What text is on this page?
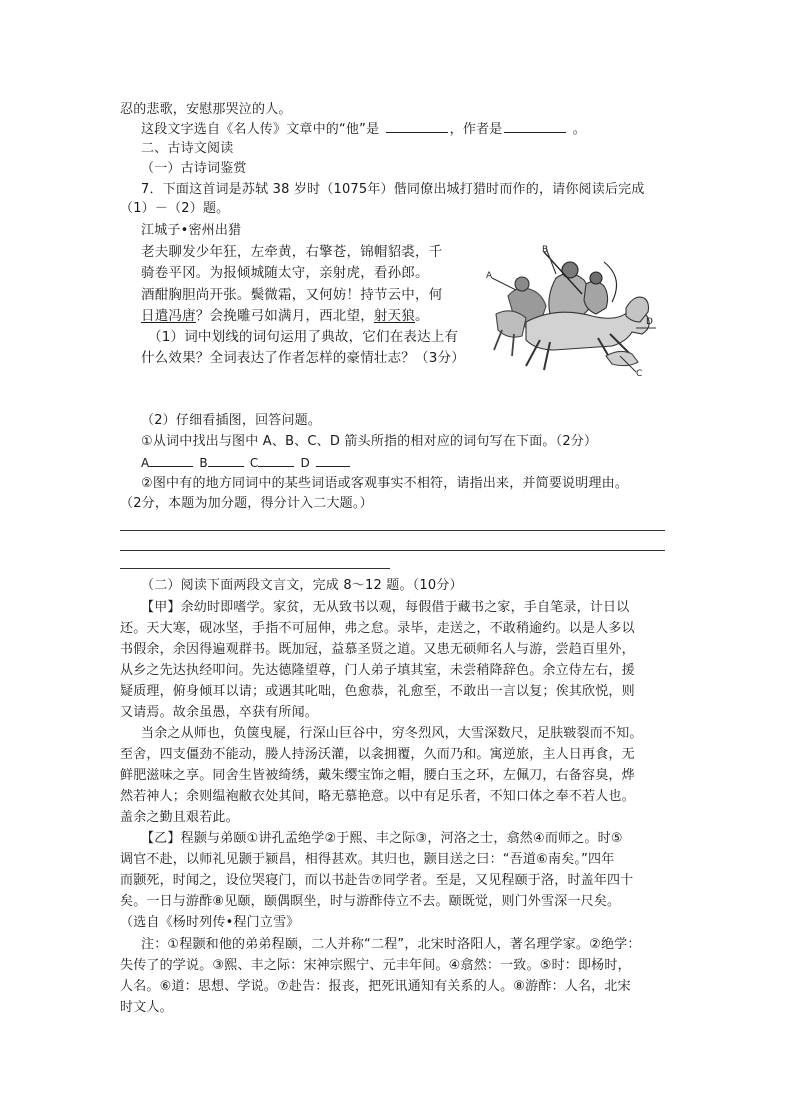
忍的悲歌，安慰那哭泣的人。
这段文字选自《名人传》文章中的“他”是	，作者是	。
二、古诗文阅读
（一）古诗词鉴赏
7．下面这首词是苏轼 38 岁时（1075年）偕同僚出城打猎时而作的，请你阅读后完成
（1）－（2）题。
江城子•密州出猎
老夫聊发少年狂，左牵黄，右擎苍，锦帽貂裘，千
骑卷平冈。为报倾城随太守，亲射虎，看孙郎。
酒酣胸胆尚开张。鬓微霜，又何妨！持节云中，何
日遣冯唐？会挽雕弓如满月，西北望，射天狼。
（1）词中划线的词句运用了典故，它们在表达上有
什么效果？全词表达了作者怎样的豪情壮志？（3分）
A
B
D
C
（2）仔细看插图，回答问题。
①从词中找出与图中 A、B、C、D 箭头所指的相对应的词句写在下面。（2分）
A	B	C	D
②图中有的地方同词中的某些词语或客观事实不相符，请指出来，并简要说明理由。
（2分，本题为加分题，得分计入二大题。）
（二）阅读下面两段文言文，完成 8～12 题。（10分）
【甲】余幼时即嗜学。家贫，无从致书以观，每假借于藏书之家，手自笔录，计日以
还。天大寒，砚冰坚，手指不可屈伸，弗之怠。录毕，走送之，不敢稍逾约。以是人多以
书假余，余因得遍观群书。既加冠，益慕圣贤之道。又患无硕师名人与游，尝趋百里外，
从乡之先达执经叩问。先达德隆望尊，门人弟子填其室，未尝稍降辞色。余立侍左右，援
疑质理，俯身倾耳以请；或遇其叱咄，色愈恭，礼愈至，不敢出一言以复；俟其欣悦，则
又请焉。故余虽愚，卒获有所闻。
当余之从师也，负箧曳屣，行深山巨谷中，穷冬烈风，大雪深数尺，足肤皲裂而不知。
至舍，四支僵劲不能动，媵人持汤沃灌，以衾拥覆，久而乃和。寓逆旅，主人日再食，无
鲜肥滋味之享。同舍生皆被绮绣，戴朱缨宝饰之帽，腰白玉之环，左佩刀，右备容臭，烨
然若神人；余则缊袍敝衣处其间，略无慕艳意。以中有足乐者，不知口体之奉不若人也。
盖余之勤且艰若此。
【乙】程颢与弟颐①讲孔孟绝学②于熙、丰之际③，河洛之士，翕然④而师之。时⑤
调官不赴，以师礼见颢于颍昌，相得甚欢。其归也，颢目送之曰：“吾道⑥南矣。”四年
而颢死，时闻之，设位哭寝门，而以书赴告⑦同学者。至是，又见程颐于洛，时盖年四十
矣。一日与游酢⑧见颐，颐偶瞑坐，时与游酢侍立不去。颐既觉，则门外雪深一尺矣。
（选自《杨时列传•程门立雪》
注：①程颢和他的弟弟程颐，二人并称“二程”，北宋时洛阳人，著名理学家。②绝学：
失传了的学说。③熙、丰之际：宋神宗熙宁、元丰年间。④翕然：一致。⑤时：即杨时，
人名。⑥道：思想、学说。⑦赴告：报丧，把死讯通知有关系的人。⑧游酢：人名，北宋
时文人。
